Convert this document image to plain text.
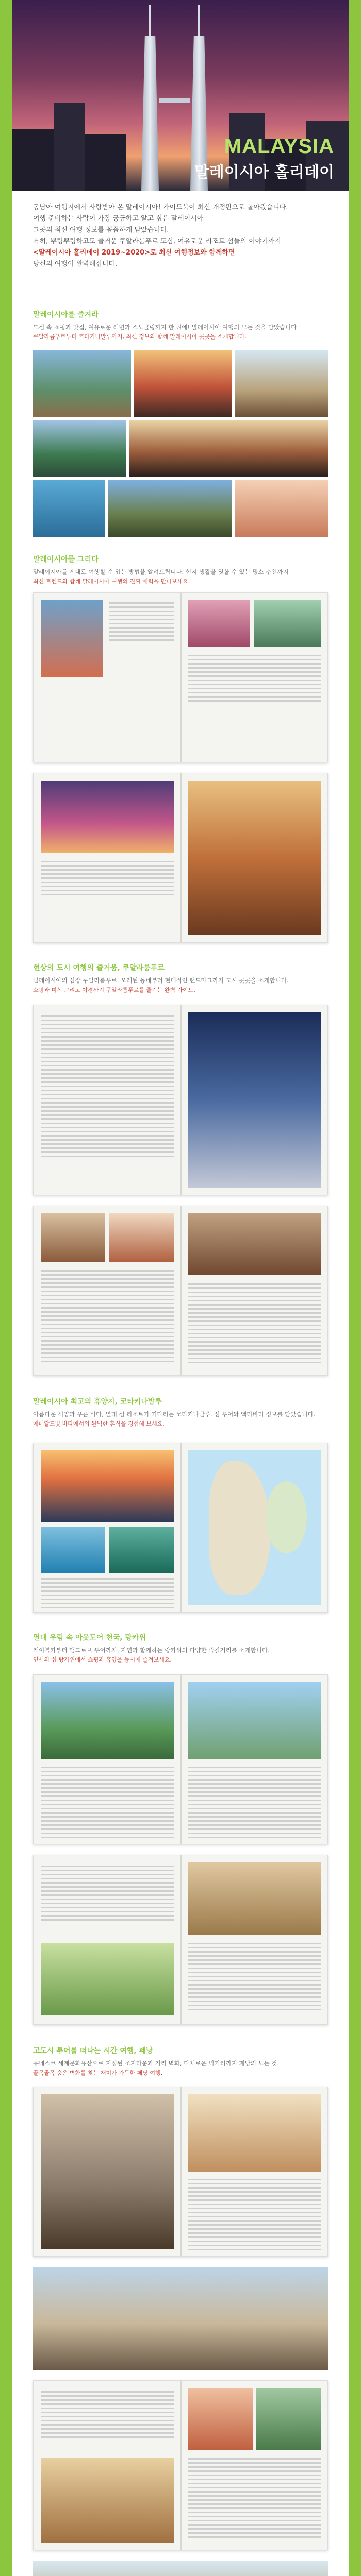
MALAYSIA
말레이시아 홀리데이

동남아 여행지에서 사랑받아 온 말레이시아! 가이드북이 최신 개정판으로 돌아왔습니다.

여행 준비하는 사람이 가장 궁금하고 알고 싶은 말레이시아

그곳의 최신 여행 정보를 꼼꼼하게 담았습니다.

특히, 뿌링뿌링하고도 즐거운 쿠알라룸푸르 도심, 여유로운 리조트 섬들의 이야기까지

<말레이시아 홀리데이 2019~2020>로 최신 여행정보와 함께하면

당신의 여행이 완벽해집니다.

말레이시아를 즐겨라
도심 속 쇼핑과 맛집, 여유로운 해변과 스노클링까지 한 권에! 말레이시아 여행의 모든 것을 담았습니다
쿠알라룸푸르부터 코타키나발루까지, 최신 정보와 함께 말레이시아 곳곳을 소개합니다.
말레이시아를 그리다
말레이시아를 제대로 여행할 수 있는 방법을 알려드립니다. 현지 생활을 엿볼 수 있는 명소 추천까지
최신 트렌드와 함께 말레이시아 여행의 진짜 매력을 만나보세요.
현상의 도시 여행의 즐거움, 쿠알라룸푸르
말레이시아의 심장 쿠알라룸푸르. 오래된 동네부터 현대적인 랜드마크까지 도시 곳곳을 소개합니다.
쇼핑과 미식 그리고 야경까지 쿠알라룸푸르를 즐기는 완벽 가이드.
말레이시아 최고의 휴양지, 코타키나발루
아름다운 석양과 푸른 바다, 열대 섬 리조트가 기다리는 코타키나발루. 섬 투어와 액티비티 정보를 담았습니다.
에메랄드빛 바다에서의 완벽한 휴식을 경험해 보세요.
열대 우림 속 아웃도어 천국, 랑카위
케이블카부터 맹그로브 투어까지, 자연과 함께하는 랑카위의 다양한 즐길거리를 소개합니다.
면세의 섬 랑카위에서 쇼핑과 휴양을 동시에 즐겨보세요.
고도시 투어를 떠나는 시간 여행, 페낭
유네스코 세계문화유산으로 지정된 조지타운과 거리 벽화, 다채로운 먹거리까지 페낭의 모든 것.
골목골목 숨은 벽화를 찾는 재미가 가득한 페낭 여행.
